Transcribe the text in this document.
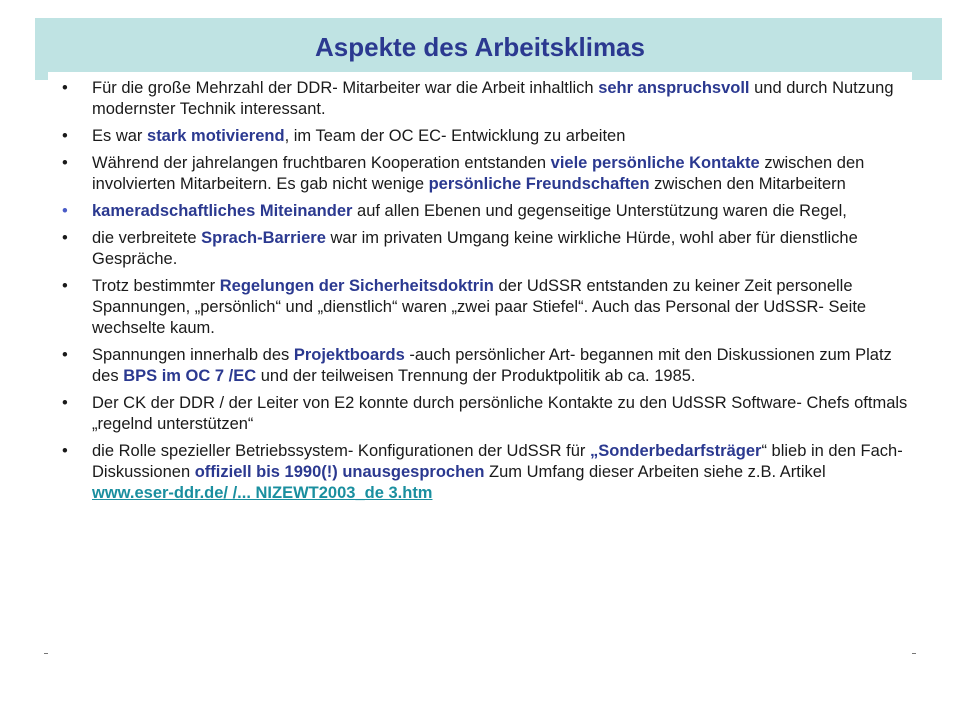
Aspekte des Arbeitsklimas
• Für die große Mehrzahl der DDR- Mitarbeiter war die Arbeit inhaltlich sehr anspruchsvoll und durch Nutzung modernster Technik interessant.
• Es war stark motivierend, im Team der OC EC- Entwicklung zu arbeiten
• Während der jahrelangen fruchtbaren Kooperation entstanden viele persönliche Kontakte zwischen den involvierten Mitarbeitern. Es gab nicht wenige persönliche Freundschaften zwischen den Mitarbeitern
• kameradschaftliches Miteinander auf allen Ebenen und gegenseitige Unterstützung waren die Regel,
• die verbreitete Sprach-Barriere war im privaten Umgang keine wirkliche Hürde, wohl aber für dienstliche Gespräche.
• Trotz bestimmter Regelungen der Sicherheitsdoktrin der UdSSR entstanden zu keiner Zeit personelle Spannungen, „persönlich“ und „dienstlich“ waren „zwei paar Stiefel“. Auch das Personal der UdSSR- Seite wechselte kaum.
• Spannungen innerhalb des Projektboards -auch persönlicher Art- begannen mit den Diskussionen zum Platz des BPS im OC 7 /EC und der teilweisen Trennung der Produktpolitik ab ca. 1985.
• Der CK der DDR / der Leiter von E2 konnte durch persönliche Kontakte zu den UdSSR Software- Chefs oftmals „regelnd unterstützen“
• die Rolle spezieller Betriebssystem- Konfigurationen der UdSSR für „Sonderbedarfsträger“ blieb in den Fach- Diskussionen offiziell bis 1990(!) unausgesprochen Zum Umfang dieser Arbeiten siehe z.B. Artikel www.eser-ddr.de/ /... NIZEWT2003_de 3.htm
